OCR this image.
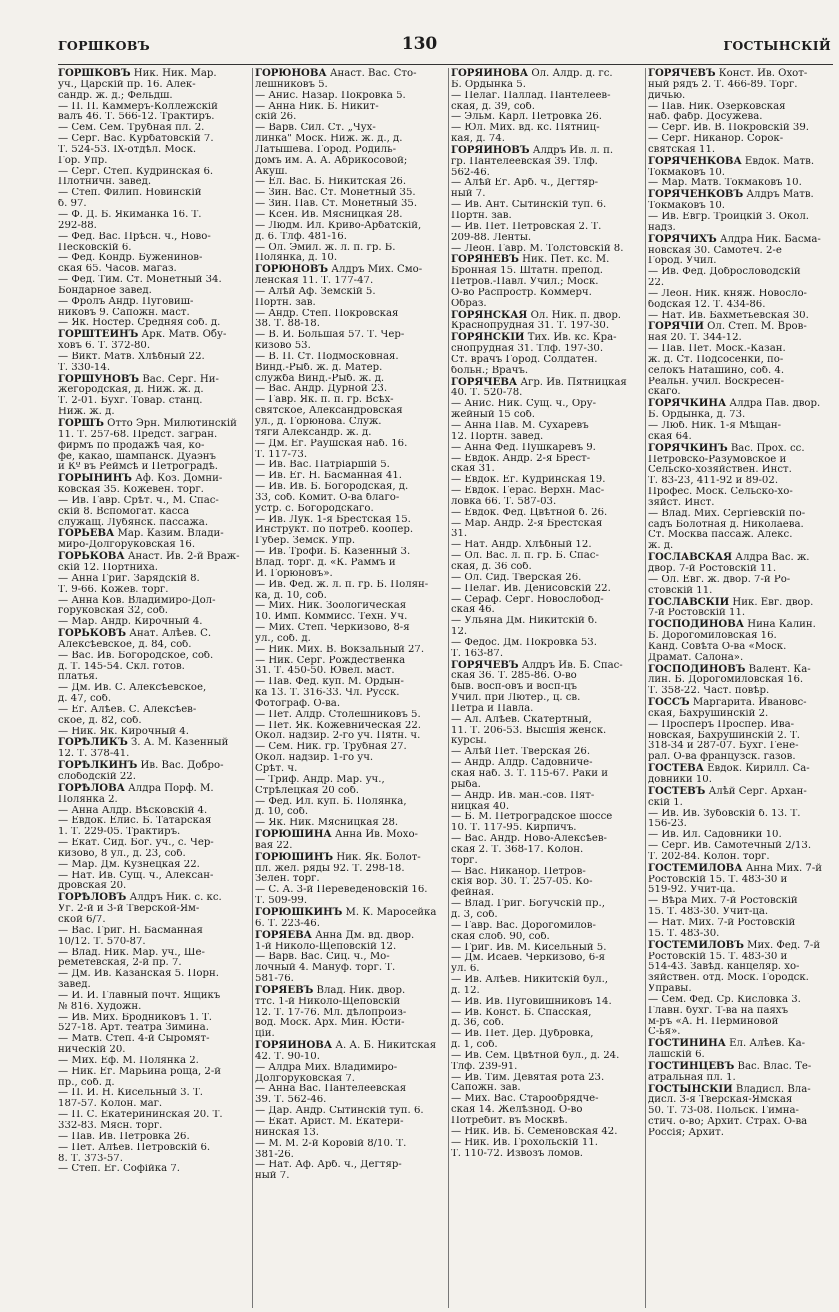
ГОРШКОВЪ	130	ГОСТЫНСКІЙ
ГОРШКОВЪ Ник. Ник. Мар.
уч., Царскій пр. 16. Алек-
сандр. ж. д.; Фельдш.
— П. П. Каммеръ-Коллежскій
валъ 46. Т. 566-12. Трактиръ.
— Сем. Сем. Трубная пл. 2.
— Серг. Вас. Курбатовскій 7.
Т. 524-53. IX-отдѣл. Моск.
Гор. Упр.
— Серг. Степ. Кудринская 6.
Плотничн. завед.
— Степ. Филип. Новинскій
б. 97.
— Ф. Д. Б. Якиманка 16. Т.
292-88.
— Фед. Вас. Прѣсн. ч., Ново-
Песковскій 6.
— Фед. Кондр. Буженинов-
ская 65. Часов. магаз.
— Фед. Тим. Ст. Монетный 34.
Бондарное завед.
— Фролъ Андр. Пуговиш-
никовъ 9. Сапожн. маст.
— Як. Ностер. Средняя соб. д.
ГОРШТЕЙНЪ Арк. Матв. Обу-
ховъ 6. Т. 372-80.
— Викт. Матв. Хлѣбный 22.
Т. 330-14.
ГОРШУНОВЪ Вас. Серг. Ни-
жегородская, д. Ниж. ж. д.
Т. 2-01. Бухг. Товар. станц.
Ниж. ж. д.
ГОРШЪ Отто Эрн. Милютинскій
11. Т. 257-68. Предст. загран.
фирмъ по продажѣ чая, ко-
фе, какао, шампанск. Дуаэнъ
и Кº въ Реймсѣ и Петроградѣ.
ГОРЫНИНЪ Аф. Коз. Домни-
ковская 35. Кожевен. торг.
— Ив. Гавр. Срѣт. ч., М. Спас-
скій 8. Вспомогат. касса
служащ. Лубянск. пассажа.
ГОРЬЕВА Мар. Казим. Влади-
миро-Долгоруковская 16.
ГОРЬКОВА Анаст. Ив. 2-й Враж-
скій 12. Портниха.
— Анна Григ. Зарядскій 8.
Т. 9-66. Кожев. торг.
— Анна Ков. Владимиро-Дол-
горуковская 32, соб.
— Мар. Андр. Кирочный 4.
ГОРЬКОВЪ Анат. Алѣев. С.
Алексѣевское, д. 84, соб.
— Вас. Ив. Богородское, соб.
д. Т. 145-54. Скл. готов.
платья.
— Дм. Ив. С. Алексѣевское,
д. 47, соб.
— Ег. Алѣев. С. Алексѣев-
ское, д. 82, соб.
— Ник. Як. Кирочный 4.
ГОРѢЛИКЪ З. А. М. Казенный
12. Т. 378-41.
ГОРѢЛКИНЪ Ив. Вас. Добро-
слободскій 22.
ГОРѢЛОВА Алдра Порф. М.
Полянка 2.
— Анна Алдр. Вѣсковскій 4.
— Евдок. Елис. Б. Татарская
1. Т. 229-05. Трактиръ.
— Екат. Сид. Бог. уч., с. Чер-
кизово, 8 ул., д. 23, соб.
— Мар. Дм. Кузнецкая 22.
— Нат. Ив. Сущ. ч., Алексан-
дровская 20.
ГОРѢЛОВЪ Алдръ Ник. с. кс.
Уг. 2-й и 3-й Тверской-Ям-
ской 6/7.
— Вас. Григ. Н. Басманная
10/12. Т. 570-87.
— Влад. Ник. Мар. уч., Ше-
реметевская, 2-й пр. 7.
— Дм. Ив. Казанская 5. Порн.
завед.
— И. И. Главный почт. Ящикъ
№ 816. Художн.
— Ив. Мих. Бродниковъ 1. Т.
527-18. Арт. театра Зимина.
— Матв. Степ. 4-й Сыромят-
ническій 20.
— Мих. Еф. М. Полянка 2.
— Ник. Ег. Марьина роща, 2-й
пр., соб. д.
— П. И. Н. Кисельный 3. Т.
187-57. Колон. маг.
— П. С. Екатерининская 20. Т.
332-83. Мясн. торг.
— Пав. Ив. Петровка 26.
— Пет. Алѣев. Петровскій 6.
8. Т. 373-57.
— Степ. Ег. Софійка 7.
ГОРЮНОВА Анаст. Вас. Сто-
лешниковъ 5.
— Анис. Назар. Покровка 5.
— Анна Ник. Б. Никит-
скій 26.
— Варв. Сил. Ст. „Чух-
линка" Моск. Ниж. ж. д., д.
Латышева. Город. Родиль-
домъ им. А. А. Абрикосовой;
Акуш.
— Ел. Вас. Б. Никитская 26.
— Зин. Вас. Ст. Монетный 35.
— Зин. Пав. Ст. Монетный 35.
— Ксен. Ив. Мясницкая 28.
— Людм. Ил. Криво-Арбатскій,
д. 6. Тлф. 481-16.
— Ол. Эмил. ж. л. п. гр. Б.
Полянка, д. 10.
ГОРЮНОВЪ Алдръ Мих. Смо-
ленская 11. Т. 177-47.
— Алѣй Аф. Земскій 5.
Портн. зав.
— Андр. Степ. Покровская
38. Т. 88-18.
— В. И. Большая 57. Т. Чер-
кизово 53.
— В. П. Ст. Подмосковная.
Винд.-Рыб. ж. д. Матер.
служба Винд.-Рыб. ж. д.
— Вас. Андр. Дурной 23.
— Гавр. Як. п. п. гр. Всѣх-
святское, Александровская
ул., д. Горюнова. Служ.
тяги Александр. ж. д.
— Дм. Ег. Раушская наб. 16.
Т. 117-73.
— Ив. Вас. Патріаршій 5.
— Ив. Ег. Н. Басманная 41.
— Ив. Ив. Б. Богородская, д.
33, соб. Комит. О-ва благо-
устр. с. Богородскаго.
— Ив. Лук. 1-я Брестская 15.
Инструкт. по потреб. коопер.
Губер. Земск. Упр.
— Ив. Трофи. Б. Казенный 3.
Влад. торг. д. «К. Раммъ и
И. Горюновъ».
— Ив. Фед. ж. л. п. гр. Б. Полян-
ка, д. 10, соб.
— Мих. Ник. Зоологическая
10. Имп. Коммисс. Техн. Уч.
— Мих. Степ. Черкизово, 8-я
ул., соб. д.
— Ник. Мих. В. Вокзальный 27.
— Ник. Серг. Рождественка
31. Т. 450-50. Ювел. маст.
— Пав. Фед. куп. М. Ордын-
ка 13. Т. 316-33. Чл. Русск.
Фотограф. О-ва.
— Пет. Алдр. Столешниковъ 5.
— Пет. Як. Кожевническая 22.
Окол. надзир. 2-го уч. Пятн. ч.
— Сем. Ник. гр. Трубная 27.
Окол. надзир. 1-го уч.
Срѣт. ч.
— Триф. Андр. Мар. уч.,
Стрѣлецкая 20 соб.
— Фед. Ил. куп. Б. Полянка,
д. 10, соб.
— Як. Ник. Мясницкая 28.
ГОРЮШИНА Анна Ив. Мохо-
вая 22.
ГОРЮШИНЪ Ник. Як. Болот-
пл. жел. ряды 92. Т. 298-18.
Зелен. торг.
— С. А. 3-й Переведеновскій 16.
Т. 509-99.
ГОРЮШКИНЪ М. К. Маросейка
6. Т. 223-46.
ГОРЯЕВА Анна Дм. вд. двор.
1-й Николо-Щеповскій 12.
— Варв. Вас. Сиц. ч., Мо-
лочный 4. Мануф. торг. Т.
581-76.
ГОРЯЕВЪ Влад. Ник. двор.
ттс. 1-й Николо-Щеповскій
12. Т. 17-76. Мл. дѣлопроиз-
вод. Моск. Арх. Мин. Юсти-
ціи.
ГОРЯИНОВА А. А. Б. Никитская
42. Т. 90-10.
— Алдра Мих. Владимиро-
Долгоруковская 7.
— Анна Вас. Пантелеевская
39. Т. 562-46.
— Дар. Андр. Сытинскій туп. 6.
— Екат. Арист. М. Екатери-
нинская 13.
— М. М. 2-й Коровій 8/10. Т.
381-26.
— Нат. Аф. Арб. ч., Дегтяр-
ный 7.
ГОРЯИНОВА Ол. Алдр. д. гс.
Б. Ордынка 5.
— Пелаг. Паллад. Пантелеев-
ская, д. 39, соб.
— Эльм. Карл. Петровка 26.
— Юл. Мих. вд. кс. Пятниц-
кая, д. 74.
ГОРЯИНОВЪ Алдръ Ив. л. п.
гр. Пантелеевская 39. Тлф.
562-46.
— Алѣй Ег. Арб. ч., Дегтяр-
ный 7.
— Ив. Ант. Сытинскій туп. 6.
Портн. зав.
— Ив. Пет. Петровская 2. Т.
209-88. Ленты.
— Леон. Гавр. М. Толстовскій 8.
ГОРЯНЕВЪ Ник. Пет. кс. М.
Бронная 15. Штатн. препод.
Петров.-Павл. Учил.; Моск.
О-во Распростр. Коммерч.
Образ.
ГОРЯНСКАЯ Ол. Ник. п. двор.
Краснопрудная 31. Т. 197-30.
ГОРЯНСКІЙ Тих. Ив. кс. Кра-
снопрудная 31. Тлф. 197-30.
Ст. врачъ Город. Солдатен.
больн.; Врачъ.
ГОРЯЧЕВА Агр. Ив. Пятницкая
40. Т. 520-78.
— Анис. Ник. Сущ. ч., Ору-
жейный 15 соб.
— Анна Пав. М. Сухаревъ
12. Портн. завед.
— Анна Фед. Пушкаревъ 9.
— Евдок. Андр. 2-я Брест-
ская 31.
— Евдок. Ег. Кудринская 19.
— Евдок. Герас. Верхн. Мас-
ловка 66. Т. 587-03.
— Евдок. Фед. Цвѣтной б. 26.
— Мар. Андр. 2-я Брестская
31.
— Нат. Андр. Хлѣбный 12.
— Ол. Вас. л. п. гр. Б. Спас-
ская, д. 36 соб.
— Ол. Сид. Тверская 26.
— Пелаг. Ив. Денисовскій 22.
— Сераф. Серг. Новослобод-
ская 46.
— Ульяна Дм. Никитскій б.
12.
— Федос. Дм. Покровка 53.
Т. 163-87.
ГОРЯЧЕВЪ Алдръ Ив. Б. Спас-
ская 36. Т. 285-86. О-во
быв. восп-овъ и восп-цъ
Учил. при Лютер., ц. св.
Петра и Павла.
— Ал. Алѣев. Скатертный,
11. Т. 206-53. Высшія женск.
курсы.
— Алѣй Пет. Тверская 26.
— Андр. Алдр. Садовниче-
ская наб. 3. Т. 115-67. Раки и
рыба.
— Андр. Ив. ман.-сов. Пят-
ницкая 40.
— Б. М. Петроградское шоссе
10. Т. 117-95. Кирпичъ.
— Вас. Андр. Ново-Алексѣев-
ская 2. Т. 368-17. Колон.
торг.
— Вас. Никанор. Петров-
скія вор. 30. Т. 257-05. Ко-
фейная.
— Влад. Григ. Богучскій пр.,
д. 3, соб.
— Гавр. Вас. Дорогомилов-
ская слоб. 90, соб.
— Григ. Ив. М. Кисельный 5.
— Дм. Исаев. Черкизово, 6-я
ул. 6.
— Ив. Алѣев. Никитскій бул.,
д. 12.
— Ив. Ив. Пуговишниковъ 14.
— Ив. Конст. Б. Спасская,
д. 36, соб.
— Ив. Пет. Дер. Дубровка,
д. 1, соб.
— Ив. Сем. Цвѣтной бул., д. 24.
Тлф. 239-91.
— Ив. Тим. Девятая рота 23.
Сапожн. зав.
— Мих. Вас. Старообрядче-
ская 14. Желѣзнод. О-во
Потребит. въ Москвѣ.
— Ник. Ив. Б. Семеновская 42.
— Ник. Ив. Грохольскій 11.
Т. 110-72. Извозъ ломов.
ГОРЯЧЕВЪ Конст. Ив. Охот-
ный рядъ 2. Т. 466-89. Торг.
дичью.
— Пав. Ник. Озерковская
наб. фабр. Досужева.
— Серг. Ив. В. Покровскій 39.
— Серг. Никанор. Сорок-
святская 11.
ГОРЯЧЕНКОВА Евдок. Матв.
Токмаковъ 10.
— Мар. Матв. Токмаковъ 10.
ГОРЯЧЕНКОВЪ Алдръ Матв.
Токмаковъ 10.
— Ив. Евгр. Троицкій 3. Окол.
надз.
ГОРЯЧИХЪ Алдра Ник. Басма-
новская 30. Самотеч. 2-е
Город. Учил.
— Ив. Фед. Добрословодскій
22.
— Леон. Ник. княж. Новосло-
бодская 12. Т. 434-86.
— Нат. Ив. Бахметьевская 30.
ГОРЯЧІЙ Ол. Степ. М. Вров-
ная 20. Т. 344-12.
— Пав. Пет. Моск.-Казан.
ж. д. Ст. Подсосенки, по-
селокъ Наташино, соб. 4.
Реальн. учил. Воскресен-
скаго.
ГОРЯЧКИНА Алдра Пав. двор.
Б. Ордынка, д. 73.
— Люб. Ник. 1-я Мѣщан-
ская 64.
ГОРЯЧКИНЪ Вас. Прох. сс.
Петровско-Разумовское и
Сельско-хозяйствен. Инст.
Т. 83-23, 411-92 и 89-02.
Профес. Моск. Сельско-хо-
зяйст. Инст.
— Влад. Мих. Сергіевскій по-
садъ Болотная д. Николаева.
Ст. Москва пассаж. Алекс.
ж. д.
ГОСЛАВСКАЯ Алдра Вас. ж.
двор. 7-й Ростовскій 11.
— Ол. Евг. ж. двор. 7-й Ро-
стовскій 11.
ГОСЛАВСКІЙ Ник. Евг. двор.
7-й Ростовскій 11.
ГОСПОДИНОВА Нина Калин.
Б. Дорогомиловская 16.
Канд. Совѣта О-ва «Моск.
Драмат. Салона».
ГОСПОДИНОВЪ Валент. Ка-
лин. Б. Дорогомиловская 16.
Т. 358-22. Част. повѣр.
ГОССЪ Маргарита. Ивановс-
ская, Бахрушинскій 2.
— Просперъ Проспер. Ива-
новская, Бахрушинскій 2. Т.
318-34 и 287-07. Бухг. Гене-
рал. О-ва французск. газов.
ГОСТЕВА Евдок. Кирилл. Са-
довники 10.
ГОСТЕВЪ Алѣй Серг. Архан-
скій 1.
— Ив. Ив. Зубовскій б. 13. Т.
156-23.
— Ив. Ил. Садовники 10.
— Серг. Ив. Самотечный 2/13.
Т. 202-84. Колон. торг.
ГОСТЕМИЛОВА Анна Мих. 7-й
Ростовскій 15. Т. 483-30 и
519-92. Учит-ца.
— Вѣра Мих. 7-й Ростовскій
15. Т. 483-30. Учит-ца.
— Нат. Мих. 7-й Ростовскій
15. Т. 483-30.
ГОСТЕМИЛОВЪ Мих. Фед. 7-й
Ростовскій 15. Т. 483-30 и
514-43. Завѣд. канцеляр. хо-
зяйствен. отд. Моск. Городск.
Управы.
— Сем. Фед. Ср. Кисловка 3.
Главн. бухг. Т-ва на паяхъ
м-ръ «А. Н. Перминовой
С-ья».
ГОСТИНИНА Ел. Алѣев. Ка-
лашскій 6.
ГОСТИНЦЕВЪ Вас. Влас. Те-
атральная пл. 1.
ГОСТЫНСКІЙ Владисл. Вла-
дисл. 3-я Тверская-Ямская
50. Т. 73-08. Польск. Гимна-
стич. о-во; Архит. Страх. О-ва
Россія; Архит.
